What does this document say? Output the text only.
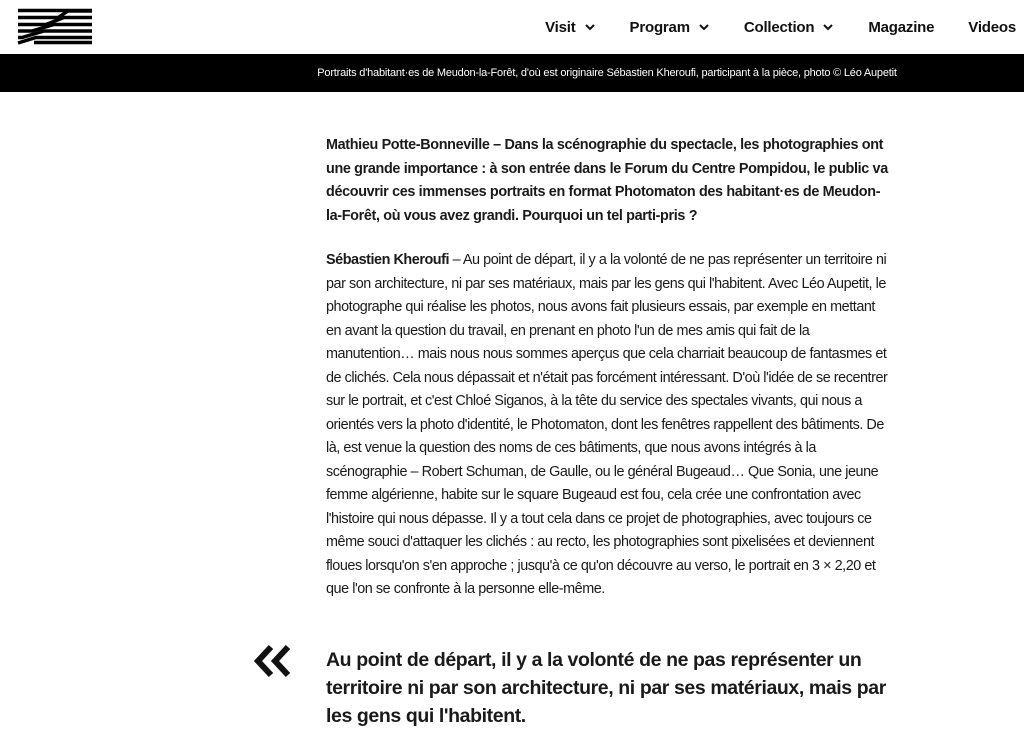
Visit	Program	Collection	Magazine Videos
Portraits d'habitant·es de Meudon-la-Forêt, d'où est originaire Sébastien Kheroufi, participant à la pièce, photo © Léo Aupetit

Mathieu Potte-Bonneville – Dans la scénographie du spectacle, les photographies ont une grande importance : à son entrée dans le Forum du Centre Pompidou, le public va découvrir ces immenses portraits en format Photomaton des habitant·es de Meudon-la-Forêt, où vous avez grandi. Pourquoi un tel parti-pris ?

Sébastien Kheroufi – Au point de départ, il y a la volonté de ne pas représenter un territoire ni par son architecture, ni par ses matériaux, mais par les gens qui l'habitent. Avec Léo Aupetit, le photographe qui réalise les photos, nous avons fait plusieurs essais, par exemple en mettant en avant la question du travail, en prenant en photo l'un de mes amis qui fait de la manutention… mais nous nous sommes aperçus que cela charriait beaucoup de fantasmes et de clichés. Cela nous dépassait et n'était pas forcément intéressant. D'où l'idée de se recentrer sur le portrait, et c'est Chloé Siganos, à la tête du service des spectales vivants, qui nous a orientés vers la photo d'identité, le Photomaton, dont les fenêtres rappellent des bâtiments. De là, est venue la question des noms de ces bâtiments, que nous avons intégrés à la scénographie – Robert Schuman, de Gaulle, ou le général Bugeaud… Que Sonia, une jeune femme algérienne, habite sur le square Bugeaud est fou, cela crée une confrontation avec l'histoire qui nous dépasse. Il y a tout cela dans ce projet de photographies, avec toujours ce même souci d'attaquer les clichés : au recto, les photographies sont pixelisées et deviennent floues lorsqu'on s'en approche ; jusqu'à ce qu'on découvre au verso, le portrait en 3 × 2,20 et que l'on se confronte à la personne elle-même.

Au point de départ, il y a la volonté de ne pas représenter un territoire ni par son architecture, ni par ses matériaux, mais par les gens qui l'habitent.
